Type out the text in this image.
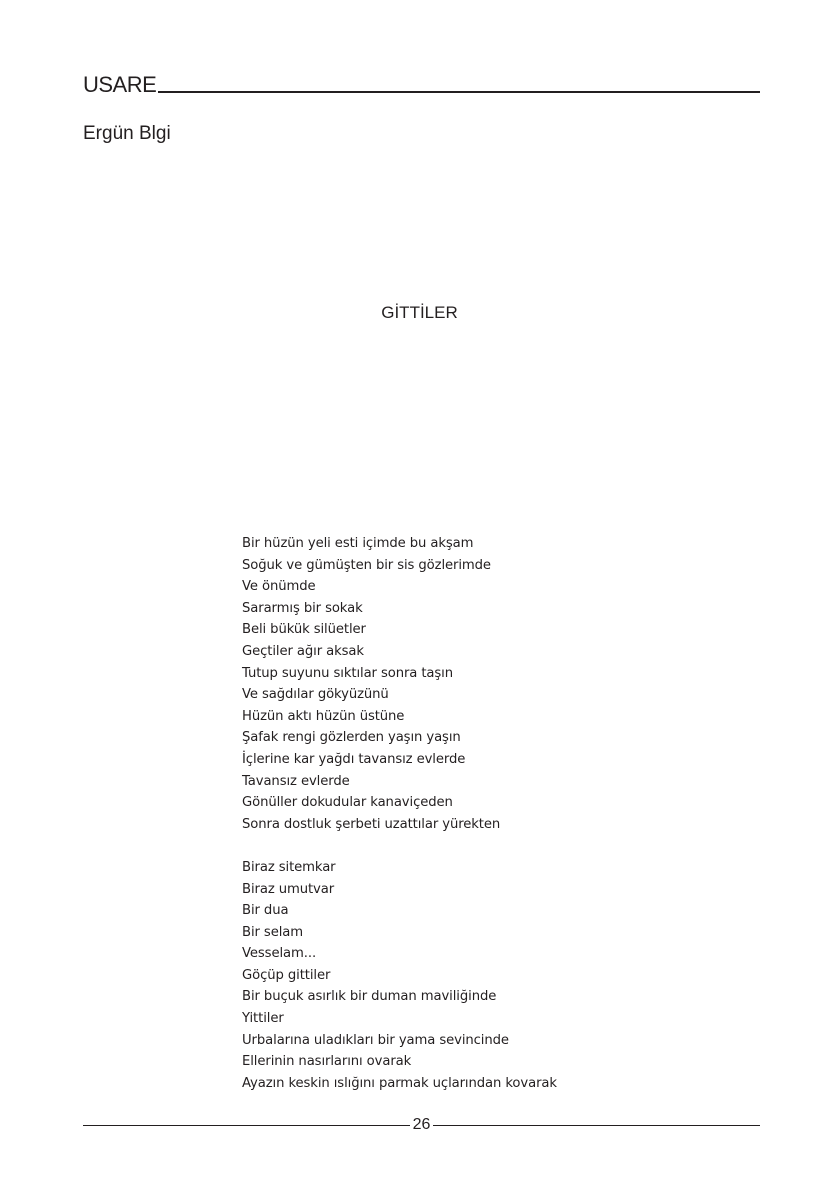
USARE
Ergün Blgi
GİTTİLER
Bir hüzün yeli esti içimde bu akşam
Soğuk ve gümüşten bir sis gözlerimde
Ve önümde
Sararmış bir sokak
Beli bükük silüetler
Geçtiler ağır aksak
Tutup suyunu sıktılar sonra taşın
Ve sağdılar gökyüzünü
Hüzün aktı hüzün üstüne
Şafak rengi gözlerden yaşın yaşın
İçlerine kar yağdı tavansız evlerde
Tavansız evlerde
Gönüller dokudular kanaviçeden
Sonra dostluk şerbeti uzattılar yürekten
Biraz sitemkar
Biraz umutvar
Bir dua
Bir selam
Vesselam...
Göçüp gittiler
Bir buçuk asırlık bir duman maviliğinde
Yittiler
Urbalarına uladıkları bir yama sevincinde
Ellerinin nasırlarını ovarak
Ayazın keskin ıslığını parmak uçlarından kovarak
26
